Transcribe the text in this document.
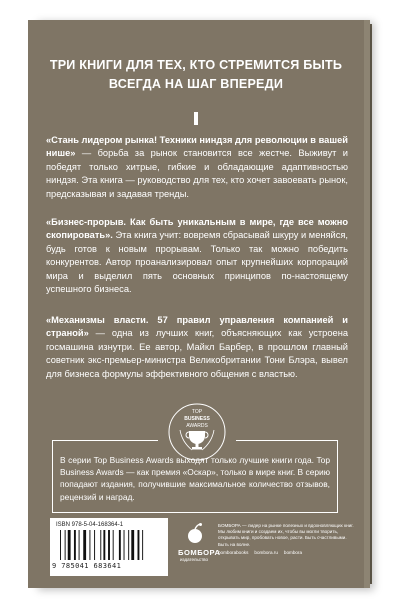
ТРИ КНИГИ ДЛЯ ТЕХ, КТО СТРЕМИТСЯ БЫТЬ
ВСЕГДА НА ШАГ ВПЕРЕДИ
«Стань лидером рынка! Техники ниндзя для революции в вашей нише» — борьба за рынок становится все жестче. Выживут и победят только хитрые, гибкие и обладающие адаптивностью ниндзя. Эта книга — руководство для тех, кто хочет завоевать рынок, предсказывая и задавая тренды.
«Бизнес-прорыв. Как быть уникальным в мире, где все можно скопировать». Эта книга учит: вовремя сбрасывай шкуру и меняйся, будь готов к новым прорывам. Только так можно победить конкурентов. Автор проанализировал опыт крупнейших корпораций мира и выделил пять основных принципов по-настоящему успешного бизнеса.
«Механизмы власти. 57 правил управления компанией и страной» — одна из лучших книг, объясняющих как устроена госмашина изнутри. Ее автор, Майкл Барбер, в прошлом главный советник экс-премьер-министра Великобритании Тони Блэра, вывел для бизнеса формулы эффективного общения с властью.
TOP
BUSINESS
AWARDS
В серии Top Business Awards выходят только лучшие книги года. Top Business Awards — как премия «Оскар», только в мире книг. В серию попадают издания, получившие максимальное количество отзывов, рецензий и наград.
ISBN 978-5-04-168364-1
9 785041 683641
БОМБОРА
издательство
БОМБОРА — лидер на рынке полезных и вдохновляющих книг. Мы любим книги и создаем их, чтобы вы могли творить, открывать мир, пробовать новое, расти. Быть счастливыми. Быть на волне.
bomborabooks bombora.ru bombora
